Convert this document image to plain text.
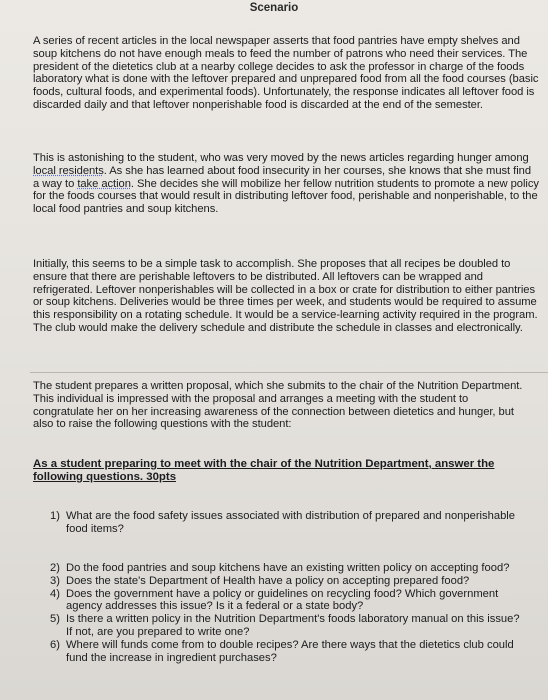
Scenario

A series of recent articles in the local newspaper asserts that food pantries have empty shelves and soup kitchens do not have enough meals to feed the number of patrons who need their services. The president of the dietetics club at a nearby college decides to ask the professor in charge of the foods laboratory what is done with the leftover prepared and unprepared food from all the food courses (basic foods, cultural foods, and experimental foods). Unfortunately, the response indicates all leftover food is discarded daily and that leftover nonperishable food is discarded at the end of the semester.

This is astonishing to the student, who was very moved by the news articles regarding hunger among local residents. As she has learned about food insecurity in her courses, she knows that she must find a way to take action. She decides she will mobilize her fellow nutrition students to promote a new policy for the foods courses that would result in distributing leftover food, perishable and nonperishable, to the local food pantries and soup kitchens.

Initially, this seems to be a simple task to accomplish. She proposes that all recipes be doubled to ensure that there are perishable leftovers to be distributed. All leftovers can be wrapped and refrigerated. Leftover nonperishables will be collected in a box or crate for distribution to either pantries or soup kitchens. Deliveries would be three times per week, and students would be required to assume this responsibility on a rotating schedule. It would be a service-learning activity required in the program. The club would make the delivery schedule and distribute the schedule in classes and electronically.

The student prepares a written proposal, which she submits to the chair of the Nutrition Department. This individual is impressed with the proposal and arranges a meeting with the student to congratulate her on her increasing awareness of the connection between dietetics and hunger, but also to raise the following questions with the student:

As a student preparing to meet with the chair of the Nutrition Department, answer the following questions. 30pts
1) What are the food safety issues associated with distribution of prepared and nonperishable food items?
2) Do the food pantries and soup kitchens have an existing written policy on accepting food?
3) Does the state's Department of Health have a policy on accepting prepared food?
4) Does the government have a policy or guidelines on recycling food? Which government agency addresses this issue? Is it a federal or a state body?
5) Is there a written policy in the Nutrition Department's foods laboratory manual on this issue? If not, are you prepared to write one?
6) Where will funds come from to double recipes? Are there ways that the dietetics club could fund the increase in ingredient purchases?
